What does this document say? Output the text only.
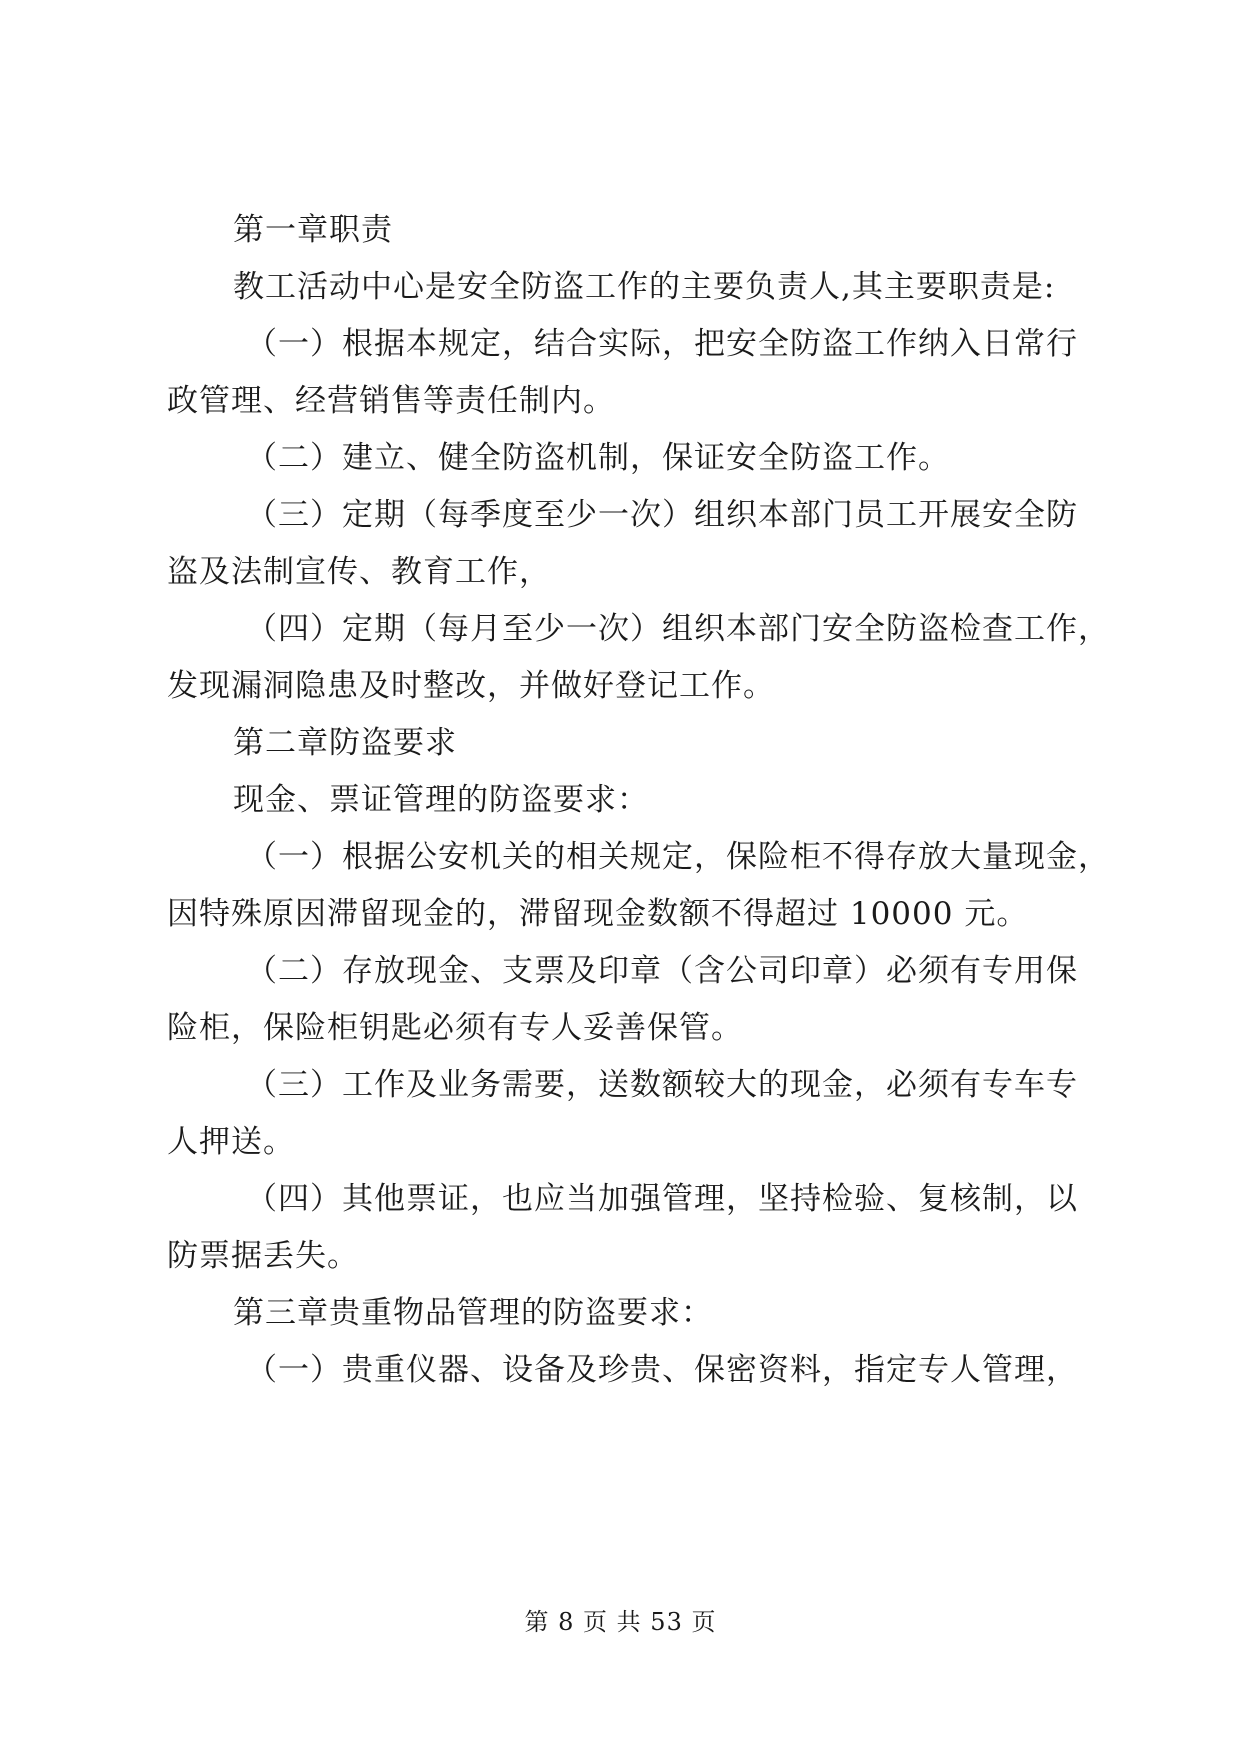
第一章职责
教工活动中心是安全防盗工作的主要负责人,其主要职责是:
（一）根据本规定，结合实际，把安全防盗工作纳入日常行
政管理、经营销售等责任制内。
（二）建立、健全防盗机制，保证安全防盗工作。
（三）定期（每季度至少一次）组织本部门员工开展安全防
盗及法制宣传、教育工作，
（四）定期（每月至少一次）组织本部门安全防盗检查工作，
发现漏洞隐患及时整改，并做好登记工作。
第二章防盗要求
现金、票证管理的防盗要求：
（一）根据公安机关的相关规定，保险柜不得存放大量现金，
因特殊原因滞留现金的，滞留现金数额不得超过 10000 元。
（二）存放现金、支票及印章（含公司印章）必须有专用保
险柜，保险柜钥匙必须有专人妥善保管。
（三）工作及业务需要，送数额较大的现金，必须有专车专
人押送。
（四）其他票证，也应当加强管理，坚持检验、复核制，以
防票据丢失。
第三章贵重物品管理的防盗要求：
（一）贵重仪器、设备及珍贵、保密资料，指定专人管理，
第 8 页 共 53 页
